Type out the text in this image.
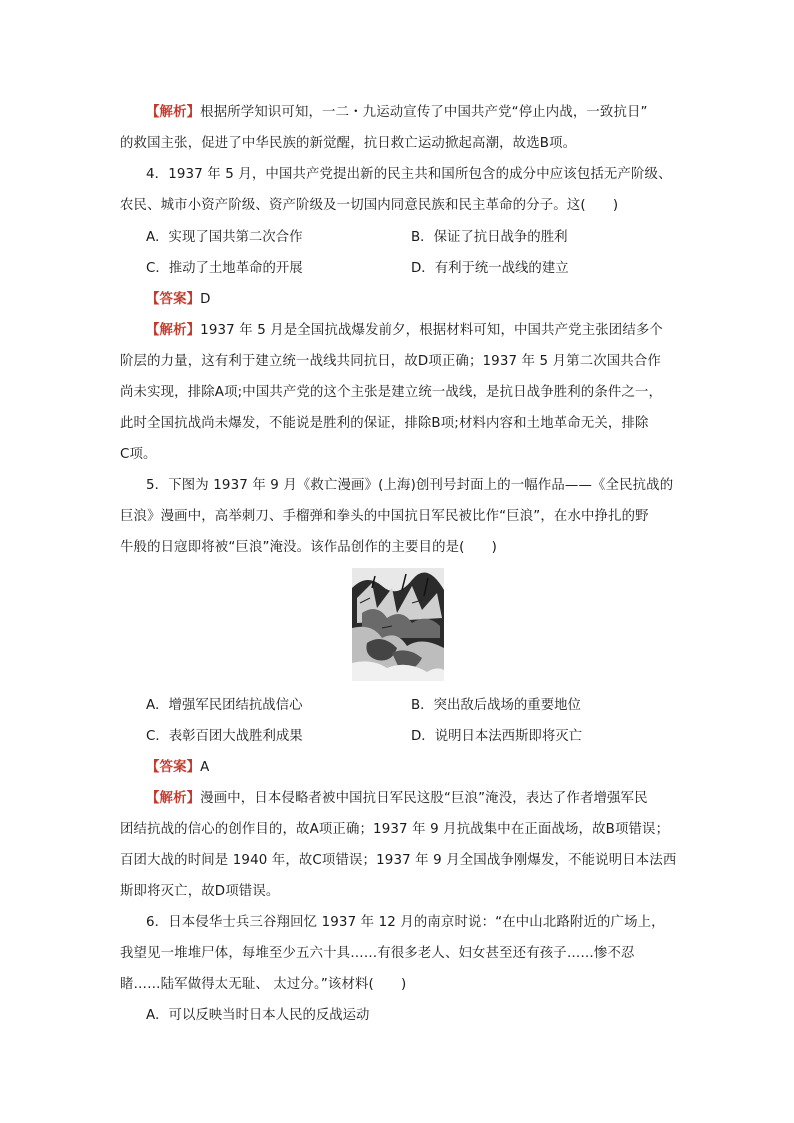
【解析】根据所学知识可知，一二・九运动宣传了中国共产党“停止内战，一致抗日”
的救国主张，促进了中华民族的新觉醒，抗日救亡运动掀起高潮，故选B项。
4．1937 年 5 月，中国共产党提出新的民主共和国所包含的成分中应该包括无产阶级、
农民、城市小资产阶级、资产阶级及一切国内同意民族和民主革命的分子。这(　　)
A．实现了国共第二次合作	B．保证了抗日战争的胜利
C．推动了土地革命的开展	D．有利于统一战线的建立
【答案】D
【解析】1937 年 5 月是全国抗战爆发前夕，根据材料可知，中国共产党主张团结多个
阶层的力量，这有利于建立统一战线共同抗日，故D项正确；1937 年 5 月第二次国共合作
尚未实现，排除A项;中国共产党的这个主张是建立统一战线，是抗日战争胜利的条件之一，
此时全国抗战尚未爆发，不能说是胜利的保证，排除B项;材料内容和土地革命无关，排除
C项。
5．下图为 1937 年 9 月《救亡漫画》(上海)创刊号封面上的一幅作品——《全民抗战的
巨浪》漫画中，高举刺刀、手榴弹和拳头的中国抗日军民被比作“巨浪”，在水中挣扎的野
牛般的日寇即将被“巨浪”淹没。该作品创作的主要目的是(　　)
A．增强军民团结抗战信心	B．突出敌后战场的重要地位
C．表彰百团大战胜利成果	D．说明日本法西斯即将灭亡
【答案】A
【解析】漫画中，日本侵略者被中国抗日军民这股“巨浪”淹没，表达了作者增强军民
团结抗战的信心的创作目的，故A项正确；1937 年 9 月抗战集中在正面战场，故B项错误；
百团大战的时间是 1940 年，故C项错误；1937 年 9 月全国战争刚爆发，不能说明日本法西
斯即将灭亡，故D项错误。
6．日本侵华士兵三谷翔回忆 1937 年 12 月的南京时说：“在中山北路附近的广场上，
我望见一堆堆尸体，每堆至少五六十具……有很多老人、妇女甚至还有孩子……惨不忍
睹……陆军做得太无耻、 太过分。”该材料(　　)
A．可以反映当时日本人民的反战运动
